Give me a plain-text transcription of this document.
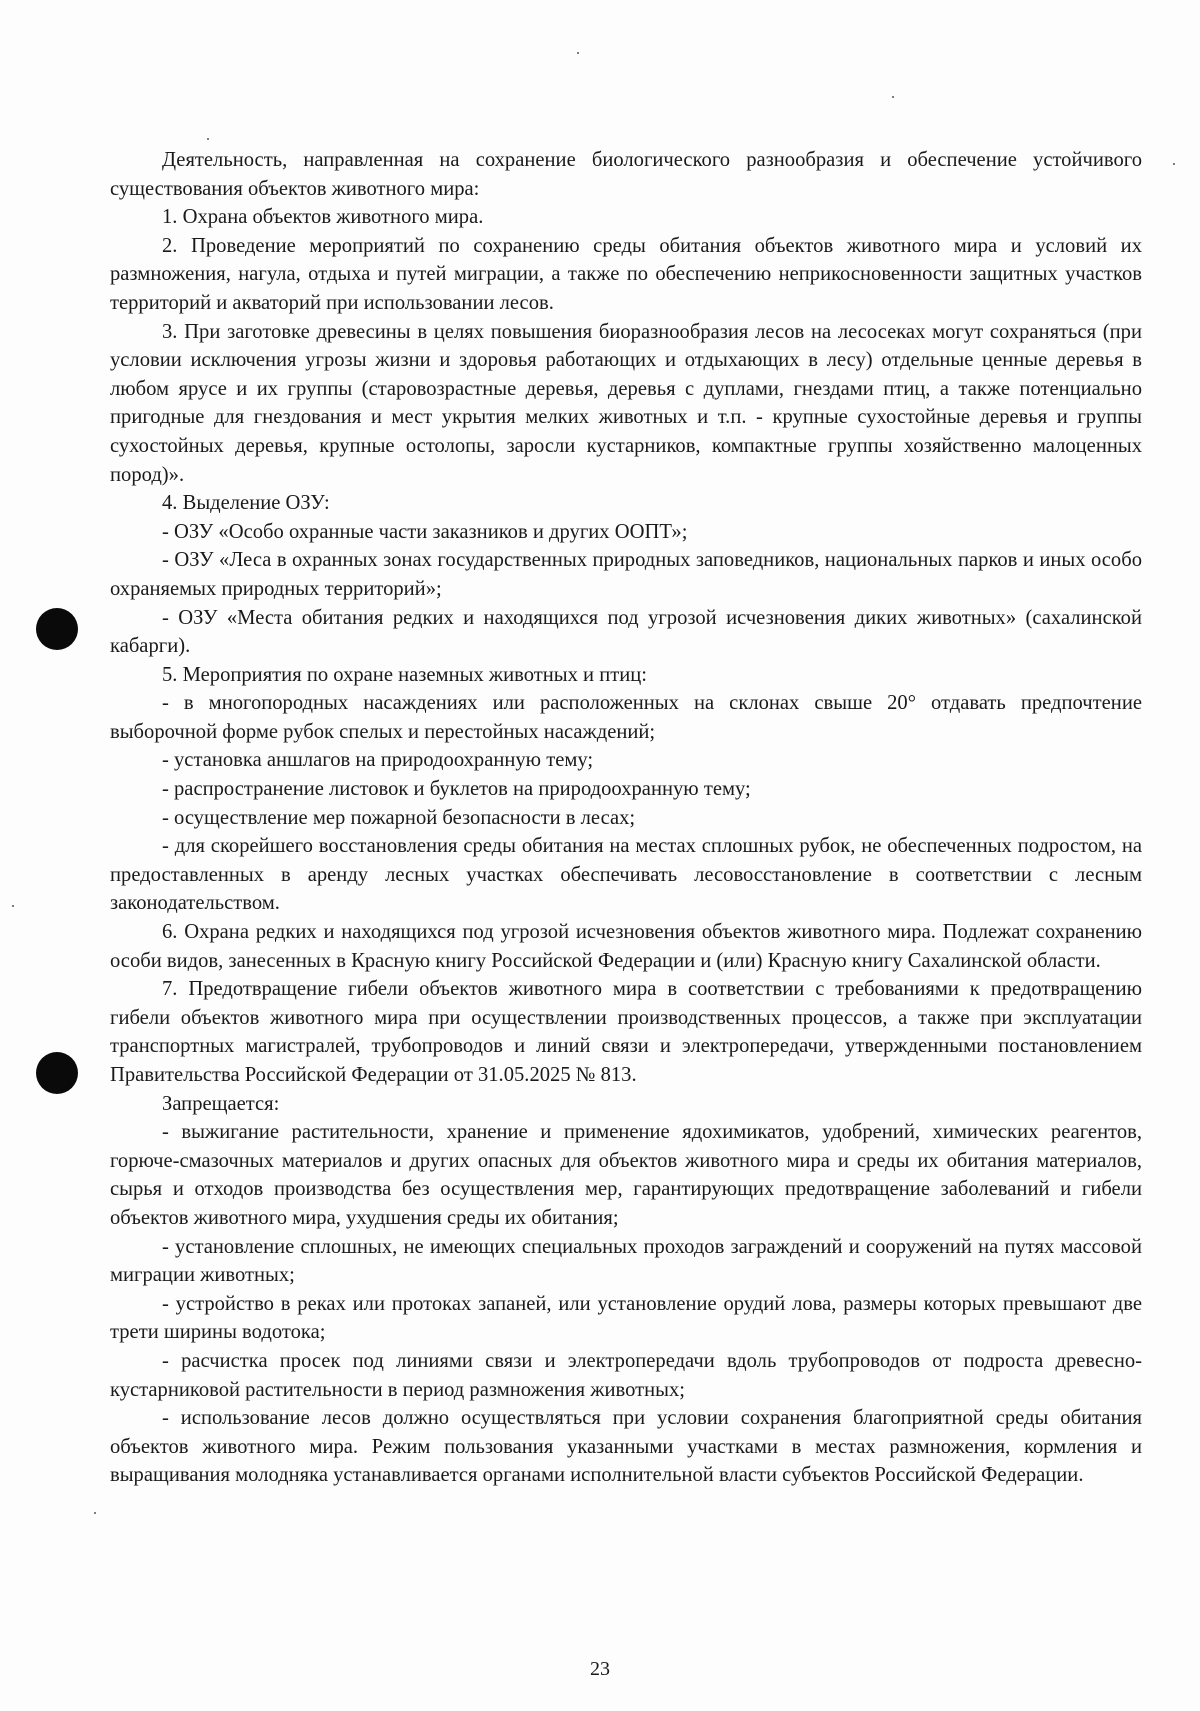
Деятельность, направленная на сохранение биологического разнообразия и обеспечение устойчивого существования объектов животного мира:

1. Охрана объектов животного мира.

2. Проведение мероприятий по сохранению среды обитания объектов животного мира и условий их размножения, нагула, отдыха и путей миграции, а также по обеспечению неприкосновенности защитных участков территорий и акваторий при использовании лесов.

3. При заготовке древесины в целях повышения биоразнообразия лесов на лесосеках могут сохраняться (при условии исключения угрозы жизни и здоровья работающих и отдыхающих в лесу) отдельные ценные деревья в любом ярусе и их группы (старовозрастные деревья, деревья с дуплами, гнездами птиц, а также потенциально пригодные для гнездования и мест укрытия мелких животных и т.п. - крупные сухостойные деревья и группы сухостойных деревья, крупные остолопы, заросли кустарников, компактные группы хозяйственно малоценных пород)».

4. Выделение ОЗУ:

- ОЗУ «Особо охранные части заказников и других ООПТ»;

- ОЗУ «Леса в охранных зонах государственных природных заповедников, национальных парков и иных особо охраняемых природных территорий»;

- ОЗУ «Места обитания редких и находящихся под угрозой исчезновения диких животных» (сахалинской кабарги).

5. Мероприятия по охране наземных животных и птиц:

- в многопородных насаждениях или расположенных на склонах свыше 20° отдавать предпочтение выборочной форме рубок спелых и перестойных насаждений;

- установка аншлагов на природоохранную тему;

- распространение листовок и буклетов на природоохранную тему;

- осуществление мер пожарной безопасности в лесах;

- для скорейшего восстановления среды обитания на местах сплошных рубок, не обеспеченных подростом, на предоставленных в аренду лесных участках обеспечивать лесовосстановление в соответствии с лесным законодательством.

6. Охрана редких и находящихся под угрозой исчезновения объектов животного мира. Подлежат сохранению особи видов, занесенных в Красную книгу Российской Федерации и (или) Красную книгу Сахалинской области.

7. Предотвращение гибели объектов животного мира в соответствии с требованиями к предотвращению гибели объектов животного мира при осуществлении производственных процессов, а также при эксплуатации транспортных магистралей, трубопроводов и линий связи и электропередачи, утвержденными постановлением Правительства Российской Федерации от 31.05.2025 № 813.

Запрещается:

- выжигание растительности, хранение и применение ядохимикатов, удобрений, химических реагентов, горюче-смазочных материалов и других опасных для объектов животного мира и среды их обитания материалов, сырья и отходов производства без осуществления мер, гарантирующих предотвращение заболеваний и гибели объектов животного мира, ухудшения среды их обитания;

- установление сплошных, не имеющих специальных проходов заграждений и сооружений на путях массовой миграции животных;

- устройство в реках или протоках запаней, или установление орудий лова, размеры которых превышают две трети ширины водотока;

- расчистка просек под линиями связи и электропередачи вдоль трубопроводов от подроста древесно-кустарниковой растительности в период размножения животных;

- использование лесов должно осуществляться при условии сохранения благоприятной среды обитания объектов животного мира. Режим пользования указанными участками в местах размножения, кормления и выращивания молодняка устанавливается органами исполнительной власти субъектов Российской Федерации.

23
